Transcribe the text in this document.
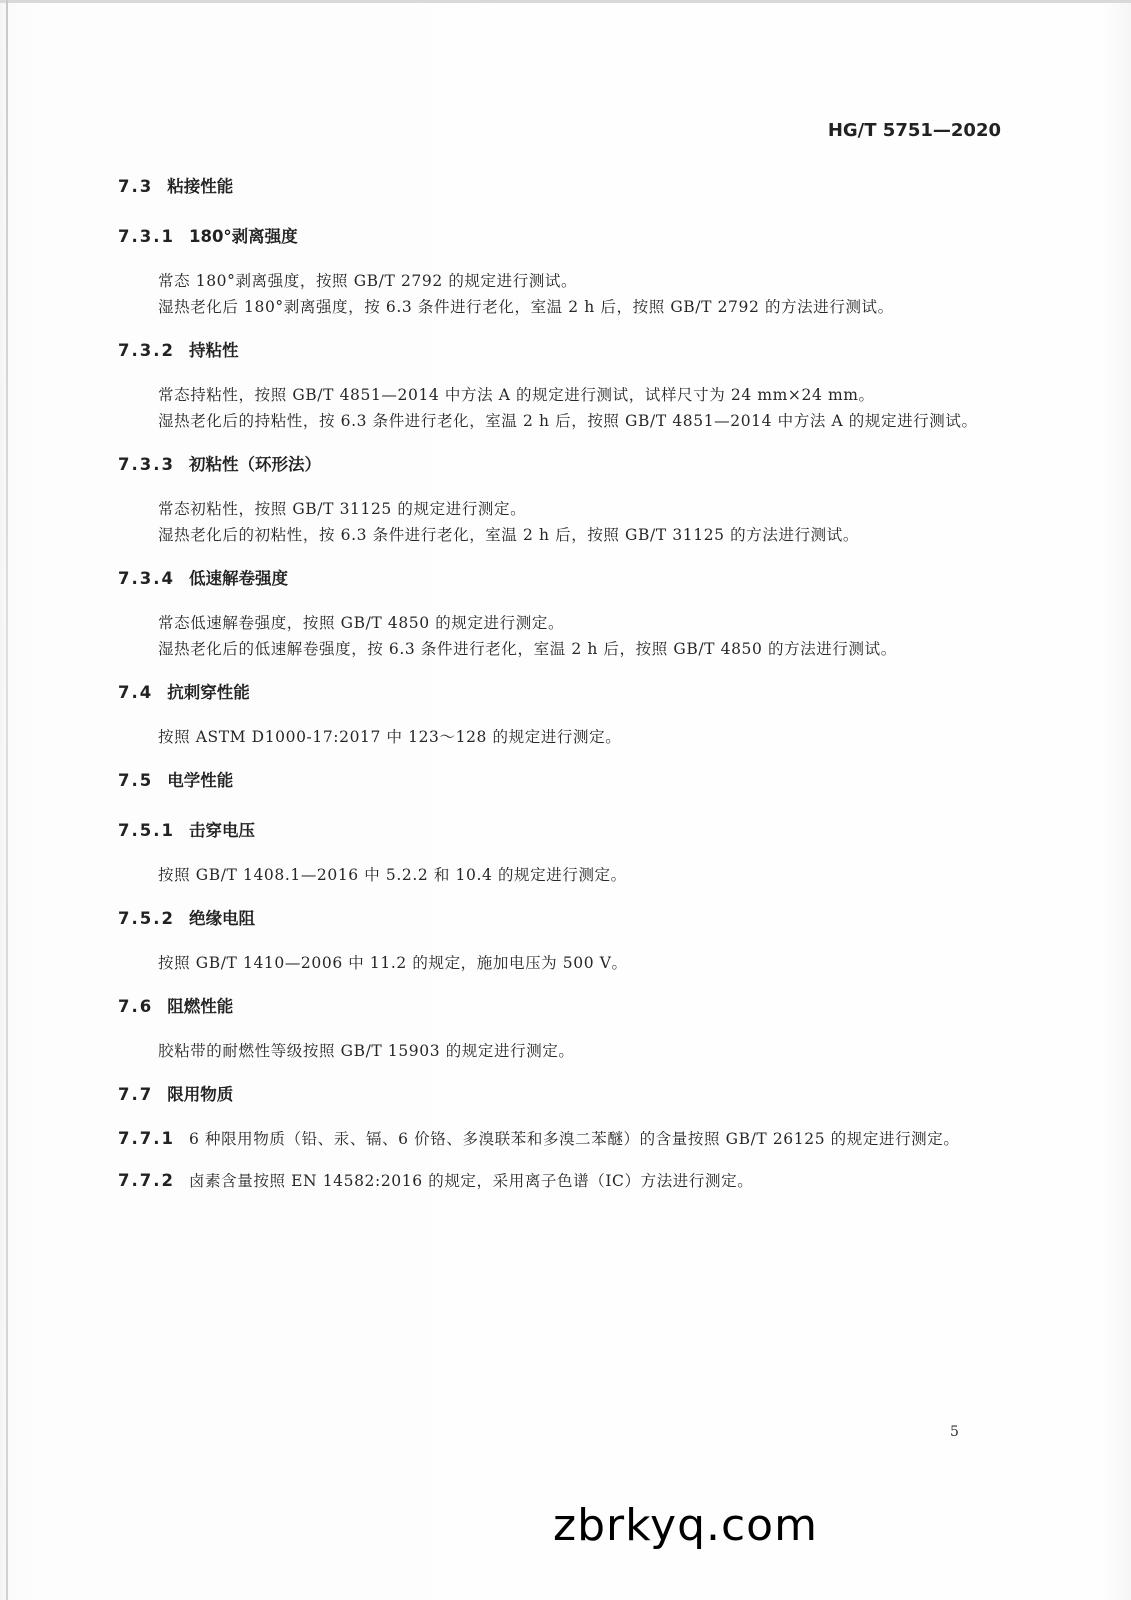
HG/T 5751—2020
7.3 粘接性能
7.3.1 180°剥离强度
常态 180°剥离强度，按照 GB/T 2792 的规定进行测试。
湿热老化后 180°剥离强度，按 6.3 条件进行老化，室温 2 h 后，按照 GB/T 2792 的方法进行测试。
7.3.2 持粘性
常态持粘性，按照 GB/T 4851—2014 中方法 A 的规定进行测试，试样尺寸为 24 mm×24 mm。
湿热老化后的持粘性，按 6.3 条件进行老化，室温 2 h 后，按照 GB/T 4851—2014 中方法 A 的规定进行测试。
7.3.3 初粘性（环形法）
常态初粘性，按照 GB/T 31125 的规定进行测定。
湿热老化后的初粘性，按 6.3 条件进行老化，室温 2 h 后，按照 GB/T 31125 的方法进行测试。
7.3.4 低速解卷强度
常态低速解卷强度，按照 GB/T 4850 的规定进行测定。
湿热老化后的低速解卷强度，按 6.3 条件进行老化，室温 2 h 后，按照 GB/T 4850 的方法进行测试。
7.4 抗刺穿性能
按照 ASTM D1000-17:2017 中 123～128 的规定进行测定。
7.5 电学性能
7.5.1 击穿电压
按照 GB/T 1408.1—2016 中 5.2.2 和 10.4 的规定进行测定。
7.5.2 绝缘电阻
按照 GB/T 1410—2006 中 11.2 的规定，施加电压为 500 V。
7.6 阻燃性能
胶粘带的耐燃性等级按照 GB/T 15903 的规定进行测定。
7.7 限用物质
7.7.1 6 种限用物质（铅、汞、镉、6 价铬、多溴联苯和多溴二苯醚）的含量按照 GB/T 26125 的规定进行测定。
7.7.2 卤素含量按照 EN 14582:2016 的规定，采用离子色谱（IC）方法进行测定。
5
zbrkyq.com
